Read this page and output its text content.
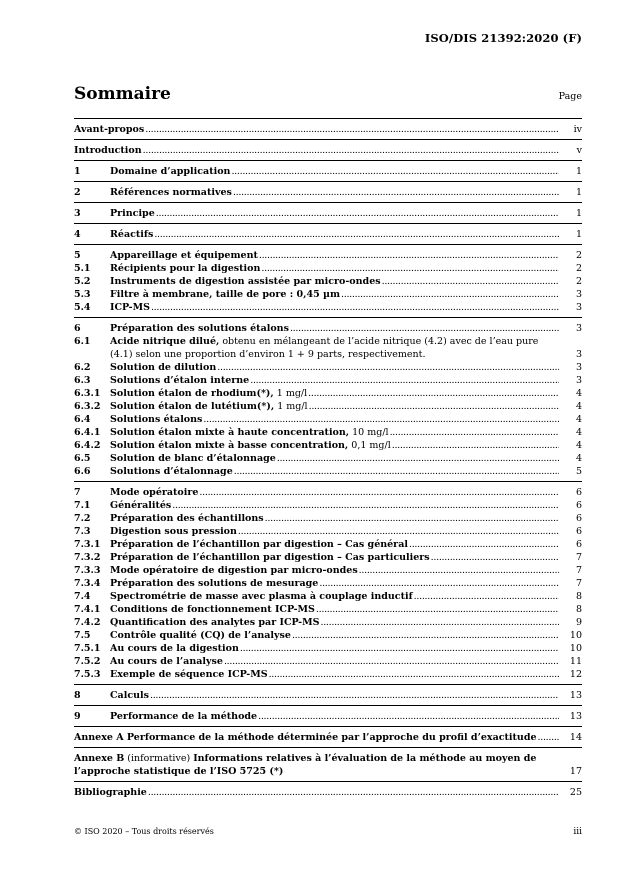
ISO/DIS 21392:2020 (F)
Sommaire	Page
Avant-propos .....	iv
Introduction .....	v
1	Domaine d’application .....	1
2	Références normatives .....	1
3	Principe .....	1
4	Réactifs .....	1
5	Appareillage et équipement .....	2
5.1	Récipients pour la digestion .....	2
5.2	Instruments de digestion assistée par micro-ondes .....	2
5.3	Filtre à membrane, taille de pore : 0,45 µm .....	3
5.4	ICP-MS .....	3
6	Préparation des solutions étalons .....	3
6.1	Acide nitrique dilué, obtenu en mélangeant de l’acide nitrique (4.2) avec de l’eau pure (4.1) selon une proportion d’environ 1 + 9 parts, respectivement.	3
6.2	Solution de dilution .....	3
6.3	Solutions d’étalon interne .....	3
6.3.1	Solution étalon de rhodium(*), 1 mg/l .....	4
6.3.2	Solution étalon de lutétium(*), 1 mg/l .....	4
6.4	Solutions étalons .....	4
6.4.1	Solution étalon mixte à haute concentration, 10 mg/l .....	4
6.4.2	Solution étalon mixte à basse concentration, 0,1 mg/l .....	4
6.5	Solution de blanc d’étalonnage .....	4
6.6	Solutions d’étalonnage .....	5
7	Mode opératoire .....	6
7.1	Généralités .....	6
7.2	Préparation des échantillons .....	6
7.3	Digestion sous pression .....	6
7.3.1	Préparation de l’échantillon par digestion – Cas général .....	6
7.3.2	Préparation de l’échantillon par digestion – Cas particuliers .....	7
7.3.3	Mode opératoire de digestion par micro-ondes .....	7
7.3.4	Préparation des solutions de mesurage .....	7
7.4	Spectrométrie de masse avec plasma à couplage inductif .....	8
7.4.1	Conditions de fonctionnement ICP-MS .....	8
7.4.2	Quantification des analytes par ICP-MS .....	9
7.5	Contrôle qualité (CQ) de l’analyse .....	10
7.5.1	Au cours de la digestion .....	10
7.5.2	Au cours de l’analyse .....	11
7.5.3	Exemple de séquence ICP-MS .....	12
8	Calculs .....	13
9	Performance de la méthode .....	13
Annexe A Performance de la méthode déterminée par l’approche du profil d’exactitude .....	14
Annexe B (informative) Informations relatives à l’évaluation de la méthode au moyen de l’approche statistique de l’ISO 5725 (*)	17
Bibliographie .....	25
© ISO 2020 – Tous droits réservés	iii
